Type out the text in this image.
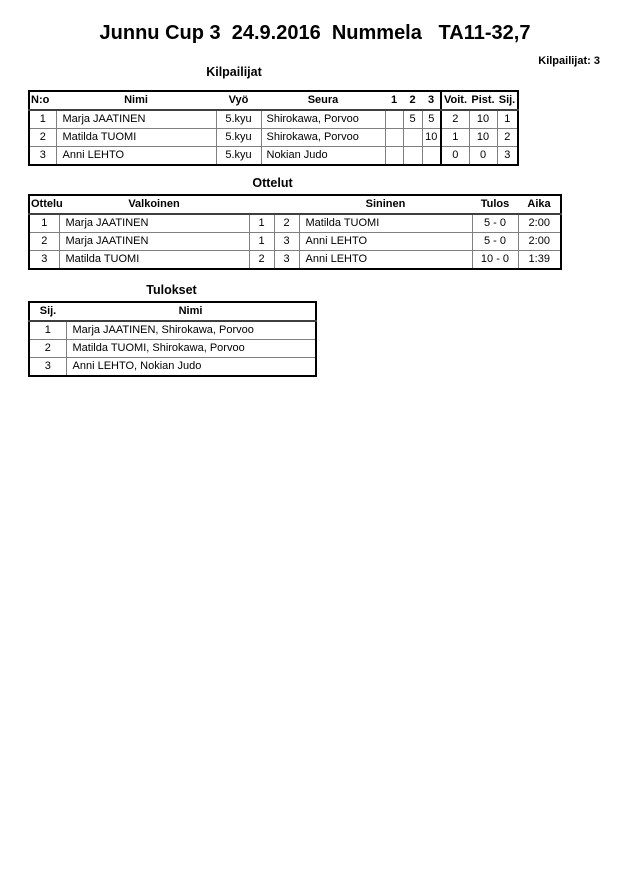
Junnu Cup 3  24.9.2016  Nummela   TA11-32,7
Kilpailijat: 3
Kilpailijat
N:o	Nimi	Vyö	Seura	1	2	3	Voit.	Pist.	Sij.
1	Marja JAATINEN	5.kyu	Shirokawa, Porvoo		5	5	2	10	1
2	Matilda TUOMI	5.kyu	Shirokawa, Porvoo			10	1	10	2
3	Anni LEHTO	5.kyu	Nokian Judo				0	0	3
Ottelut
Ottelu	Valkoinen			Sininen	Tulos	Aika
1	Marja JAATINEN	1	2	Matilda TUOMI	5 - 0	2:00
2	Marja JAATINEN	1	3	Anni LEHTO	5 - 0	2:00
3	Matilda TUOMI	2	3	Anni LEHTO	10 - 0	1:39
Tulokset
Sij.	Nimi
1	Marja JAATINEN, Shirokawa, Porvoo
2	Matilda TUOMI, Shirokawa, Porvoo
3	Anni LEHTO, Nokian Judo
